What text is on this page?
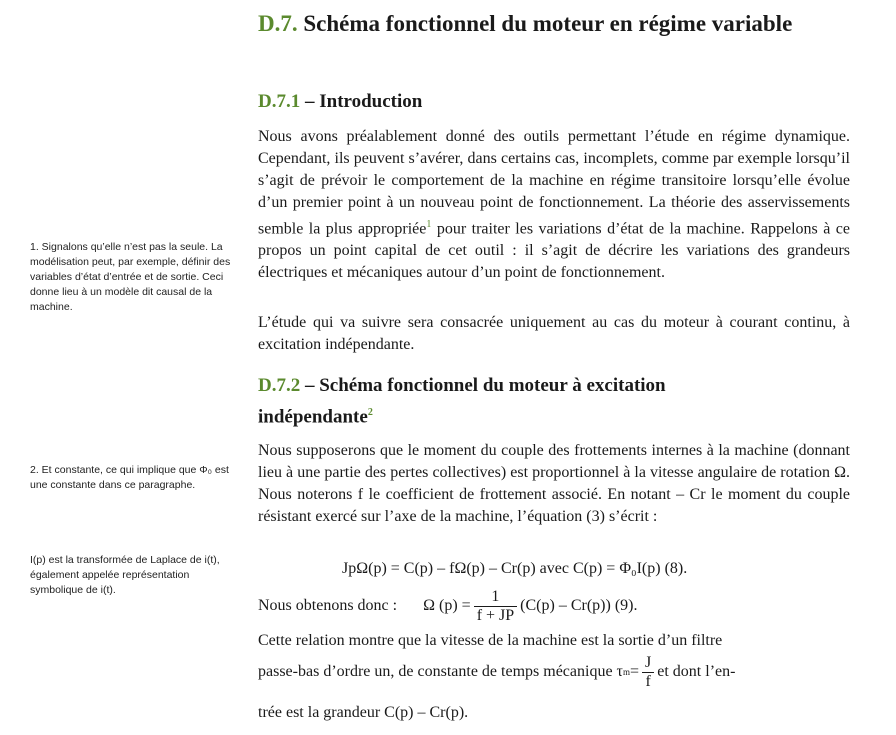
D.7. Schéma fonctionnel du moteur en régime variable
D.7.1 – Introduction

Nous avons préalablement donné des outils permettant l’étude en régime dynamique. Cependant, ils peuvent s’avérer, dans certains cas, incomplets, comme par exemple lorsqu’il s’agit de prévoir le comportement de la machine en régime transitoire lorsqu’elle évolue d’un premier point à un nouveau point de fonctionnement. La théorie des asservissements semble la plus appropriée$^1$ pour traiter les variations d’état de la machine. Rappelons à ce propos un point capital de cet outil : il s’agit de décrire les variations des grandeurs électriques et mécaniques autour d’un point de fonctionnement.

L’étude qui va suivre sera consacrée uniquement au cas du moteur à courant continu, à excitation indépendante.

D.7.2 – Schéma fonctionnel du moteur à excitation
indépendante$^2$

Nous supposerons que le moment du couple des frottements internes à la machine (donnant lieu à une partie des pertes collectives) est proportionnel à la vitesse angulaire de rotation Ω. Nous noterons f le coefficient de frottement associé. En notant – Cr le moment du couple résistant exercé sur l’axe de la machine, l’équation (3) s’écrit :

JpΩ(p) = C(p) – fΩ(p) – Cr(p) avec C(p) = Φ₀I(p) (8).
Nous obtenons donc : Ω $(p) = \frac{1}{f + JP} (C(p) - Cr(p))$ (9).
Cette relation montre que la vitesse de la machine est la sortie d’un filtre
passe-bas d’ordre un, de constante de temps mécanique τ $m = \frac{J}{f}$ et dont l’en-
trée est la grandeur C(p) – Cr(p).
1. Signalons qu’elle n’est pas la seule. La modélisation peut, par exemple, définir des variables d’état d’entrée et de sortie. Ceci donne lieu à un modèle dit causal de la machine.
2. Et constante, ce qui implique que Φ₀ est une constante dans ce paragraphe.
I(p) est la transformée de Laplace de i(t), également appelée représentation symbolique de i(t).
